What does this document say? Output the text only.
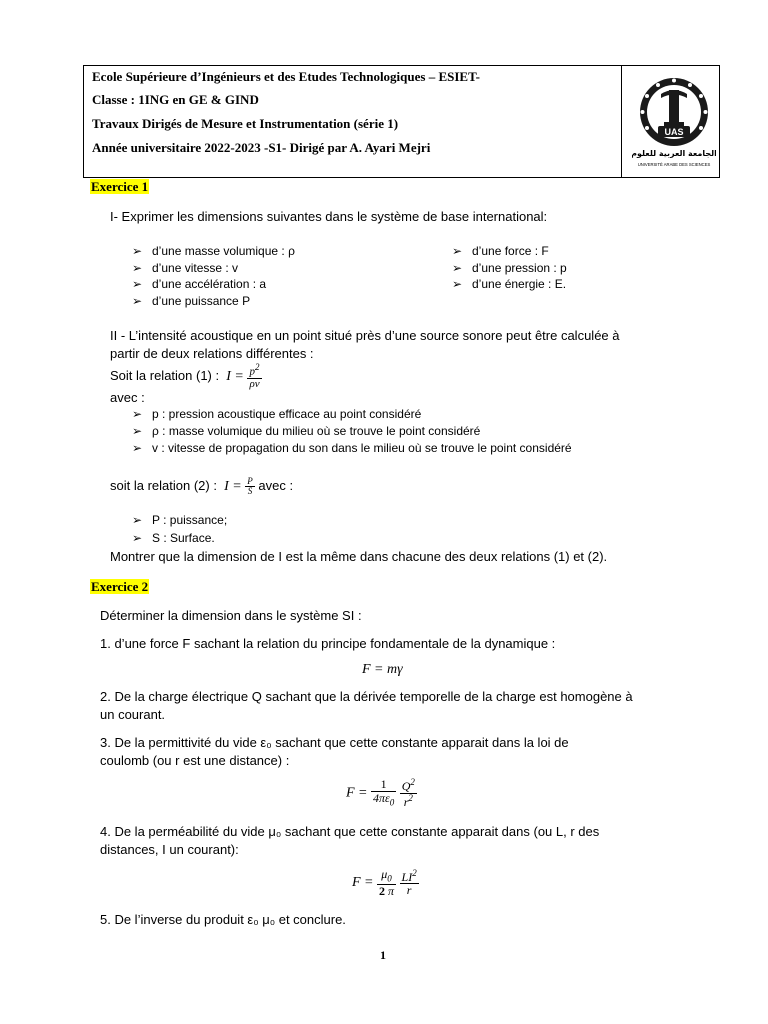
Ecole Supérieure d’Ingénieurs et des Etudes Technologiques – ESIET-
Classe : 1ING en GE & GIND
Travaux Dirigés de Mesure et Instrumentation (série 1)
Année universitaire 2022-2023 -S1- Dirigé par A. Ayari Mejri
UAS
الجامعة العربية للعلوم
UNIVERSITÉ ARABE DES SCIENCES
Exercice 1
I- Exprimer les dimensions suivantes dans le système de base international:
➢ d’une masse volumique : ρ
➢ d’une vitesse : v
➢ d’une accélération : a
➢ d’une puissance P
➢ d’une force : F
➢ d’une pression : p
➢ d’une énergie : E.
II - L’intensité acoustique en un point situé près d’une source sonore peut être calculée à
partir de deux relations différentes :
Soit la relation (1) :  $I = \frac{p^2}{\rho v}$
avec :
➢ p : pression acoustique efficace au point considéré
➢ ρ : masse volumique du milieu où se trouve le point considéré
➢ v : vitesse de propagation du son dans le milieu où se trouve le point considéré
soit la relation (2) :  $I = \frac{P}{S}$ avec :
➢ P : puissance;
➢ S : Surface.
Montrer que la dimension de I est la même dans chacune des deux relations (1) et (2).
Exercice 2
Déterminer la dimension dans le système SI :
1. d’une force F sachant la relation du principe fondamentale de la dynamique :
F = mγ
2. De la charge électrique Q sachant que la dérivée temporelle de la charge est homogène à
un courant.
3. De la permittivité du vide ε₀ sachant que cette constante apparait dans la loi de
coulomb (ou r est une distance) :
$F = \frac{1}{4\pi\varepsilon_0}$
$\frac{Q^2}{r^2}$
4. De la perméabilité du vide μ₀ sachant que cette constante apparait dans (ou L, r des
distances, I un courant):
$F = \frac{\mu_0}{2 \pi}$
$\frac{LI^2}{r}$
5. De l’inverse du produit ε₀ μ₀ et conclure.
1
